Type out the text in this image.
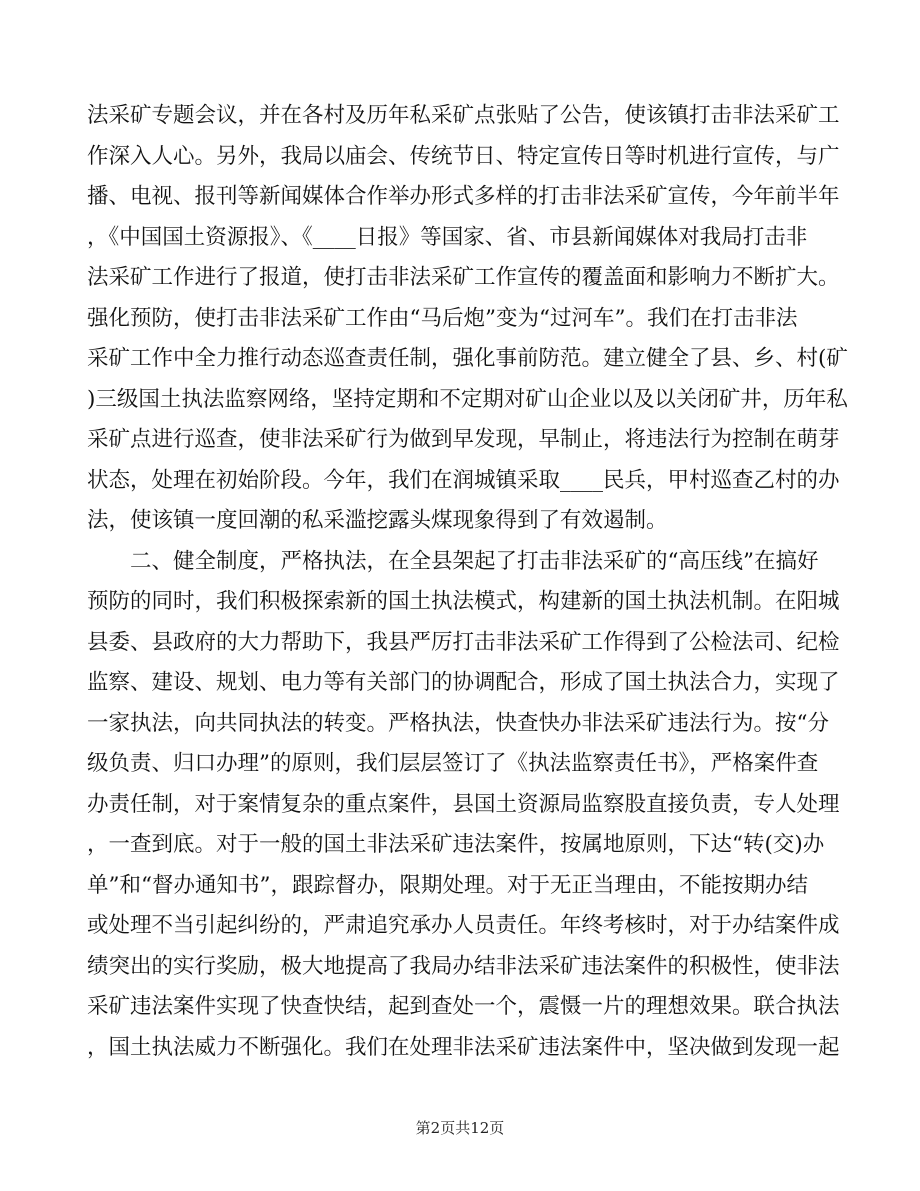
法采矿专题会议，并在各村及历年私采矿点张贴了公告，使该镇打击非法采矿工
作深入人心。另外，我局以庙会、传统节日、特定宣传日等时机进行宣传，与广
播、电视、报刊等新闻媒体合作举办形式多样的打击非法采矿宣传，今年前半年
，《中国国土资源报》、《____日报》等国家、省、市县新闻媒体对我局打击非
法采矿工作进行了报道，使打击非法采矿工作宣传的覆盖面和影响力不断扩大。
强化预防，使打击非法采矿工作由“马后炮”变为“过河车”。我们在打击非法
采矿工作中全力推行动态巡查责任制，强化事前防范。建立健全了县、乡、村(矿
)三级国土执法监察网络，坚持定期和不定期对矿山企业以及以关闭矿井，历年私
采矿点进行巡查，使非法采矿行为做到早发现，早制止，将违法行为控制在萌芽
状态，处理在初始阶段。今年，我们在润城镇采取____民兵，甲村巡查乙村的办
法，使该镇一度回潮的私采滥挖露头煤现象得到了有效遏制。
二、健全制度，严格执法，在全县架起了打击非法采矿的“高压线”在搞好
预防的同时，我们积极探索新的国土执法模式，构建新的国土执法机制。在阳城
县委、县政府的大力帮助下，我县严厉打击非法采矿工作得到了公检法司、纪检
监察、建设、规划、电力等有关部门的协调配合，形成了国土执法合力，实现了
一家执法，向共同执法的转变。严格执法，快查快办非法采矿违法行为。按“分
级负责、归口办理”的原则，我们层层签订了《执法监察责任书》，严格案件查
办责任制，对于案情复杂的重点案件，县国土资源局监察股直接负责，专人处理
，一查到底。对于一般的国土非法采矿违法案件，按属地原则，下达“转(交)办
单”和“督办通知书”，跟踪督办，限期处理。对于无正当理由，不能按期办结
或处理不当引起纠纷的，严肃追究承办人员责任。年终考核时，对于办结案件成
绩突出的实行奖励，极大地提高了我局办结非法采矿违法案件的积极性，使非法
采矿违法案件实现了快查快结，起到查处一个，震慑一片的理想效果。联合执法
，国土执法威力不断强化。我们在处理非法采矿违法案件中，坚决做到发现一起
第2页共12页
